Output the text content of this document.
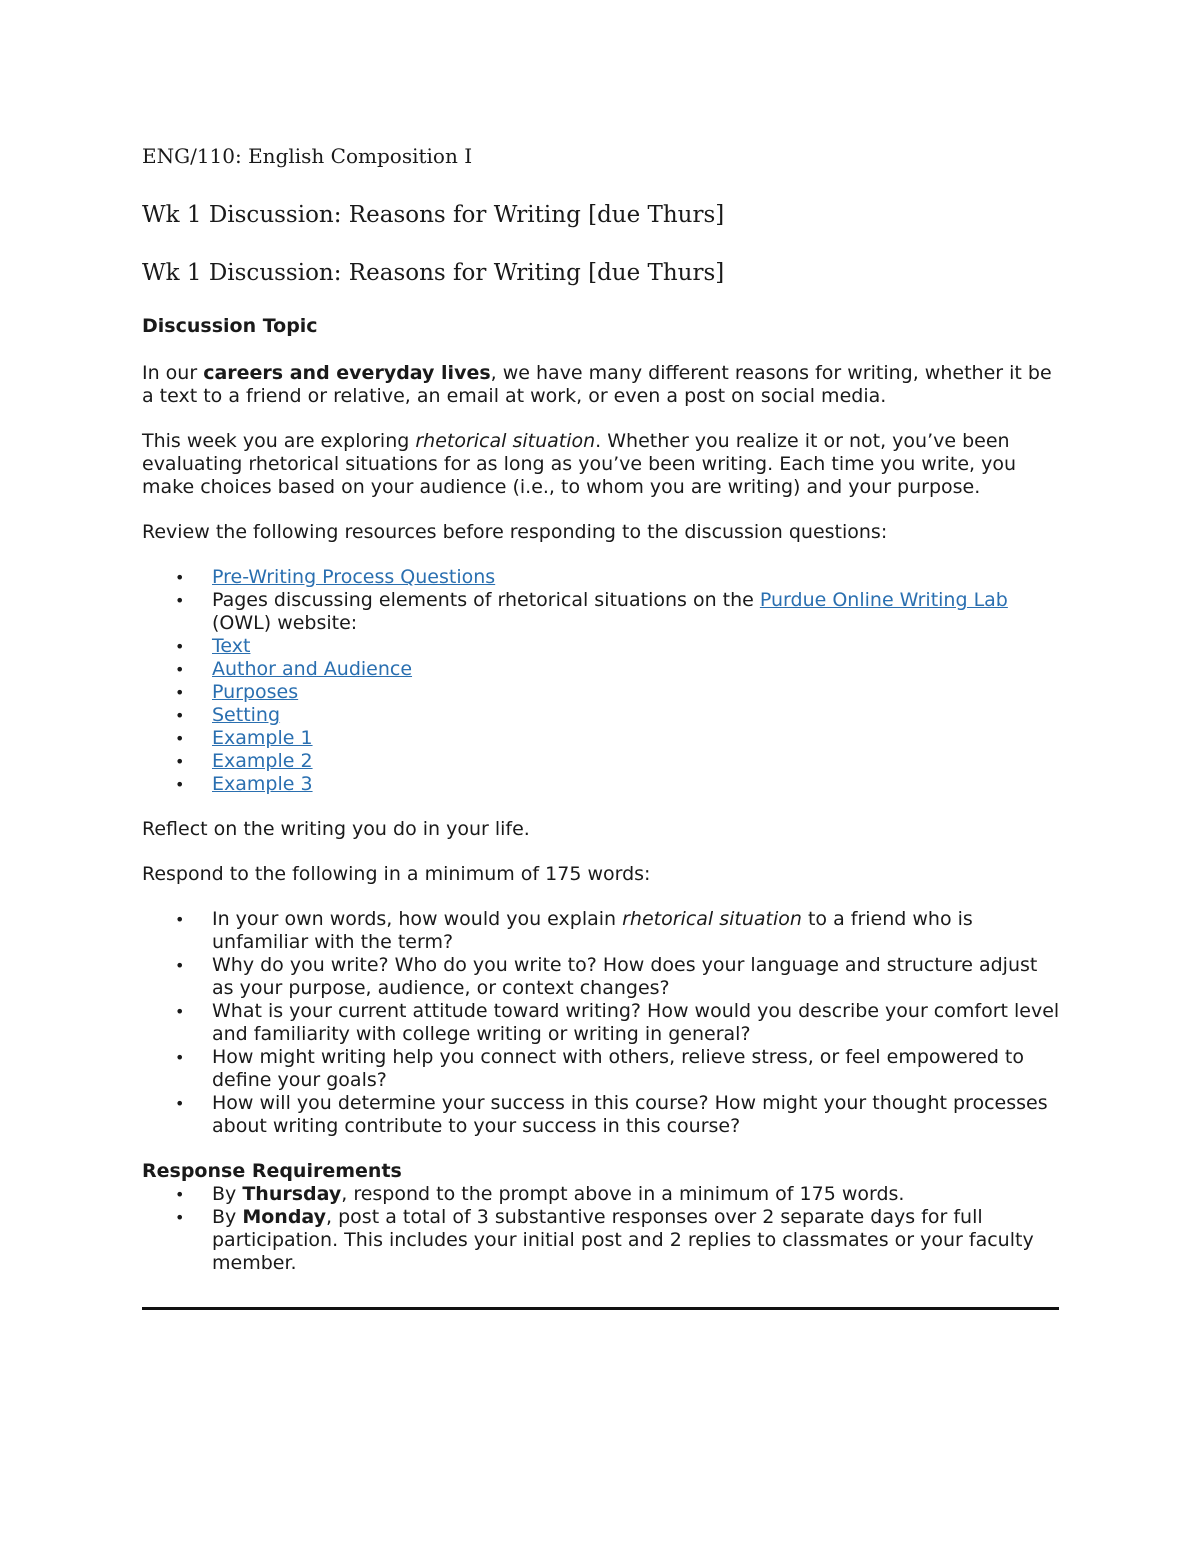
ENG/110: English Composition I
Wk 1 Discussion: Reasons for Writing [due Thurs]
Wk 1 Discussion: Reasons for Writing [due Thurs]
Discussion Topic

In our careers and everyday lives, we have many different reasons for writing, whether it be a text to a friend or relative, an email at work, or even a post on social media.

This week you are exploring rhetorical situation. Whether you realize it or not, you’ve been evaluating rhetorical situations for as long as you’ve been writing. Each time you write, you make choices based on your audience (i.e., to whom you are writing) and your purpose.

Review the following resources before responding to the discussion questions:

• Pre-Writing Process Questions
• Pages discussing elements of rhetorical situations on the Purdue Online Writing Lab (OWL) website:
• Text
• Author and Audience
• Purposes
• Setting
• Example 1
• Example 2
• Example 3

Reflect on the writing you do in your life.

Respond to the following in a minimum of 175 words:

• In your own words, how would you explain rhetorical situation to a friend who is unfamiliar with the term?
• Why do you write? Who do you write to? How does your language and structure adjust as your purpose, audience, or context changes?
• What is your current attitude toward writing? How would you describe your comfort level and familiarity with college writing or writing in general?
• How might writing help you connect with others, relieve stress, or feel empowered to define your goals?
• How will you determine your success in this course? How might your thought processes about writing contribute to your success in this course?
Response Requirements
• By Thursday, respond to the prompt above in a minimum of 175 words.
• By Monday, post a total of 3 substantive responses over 2 separate days for full participation. This includes your initial post and 2 replies to classmates or your faculty member.
